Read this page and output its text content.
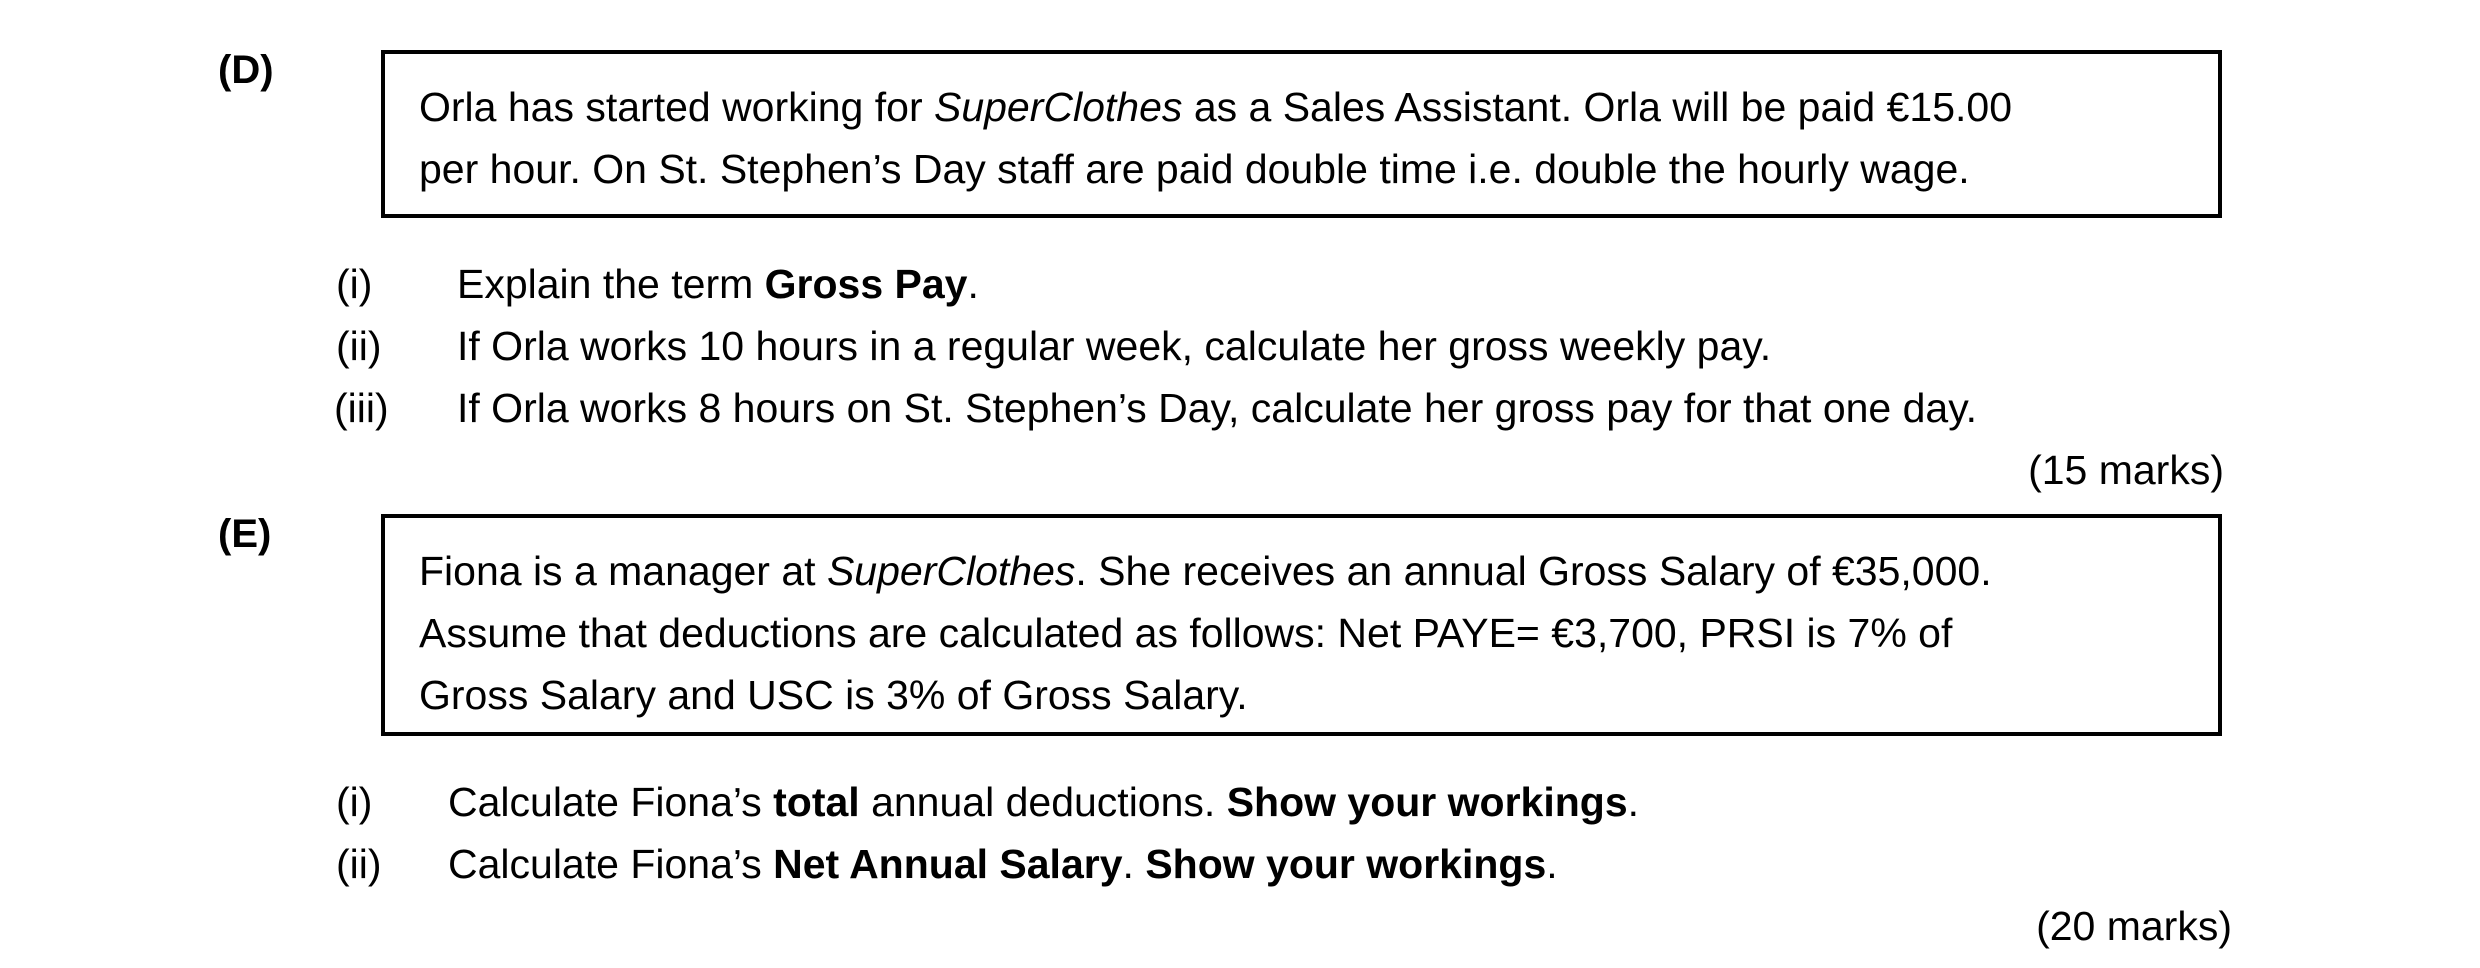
(D)
Orla has started working for SuperClothes as a Sales Assistant. Orla will be paid €15.00
per hour. On St. Stephen’s Day staff are paid double time i.e. double the hourly wage.
(i) Explain the term Gross Pay.
(ii) If Orla works 10 hours in a regular week, calculate her gross weekly pay.
(iii) If Orla works 8 hours on St. Stephen’s Day, calculate her gross pay for that one day.
(15 marks)
(E)
Fiona is a manager at SuperClothes. She receives an annual Gross Salary of €35,000.
Assume that deductions are calculated as follows: Net PAYE= €3,700, PRSI is 7% of
Gross Salary and USC is 3% of Gross Salary.
(i) Calculate Fiona’s total annual deductions. Show your workings.
(ii) Calculate Fiona’s Net Annual Salary. Show your workings.
(20 marks)
